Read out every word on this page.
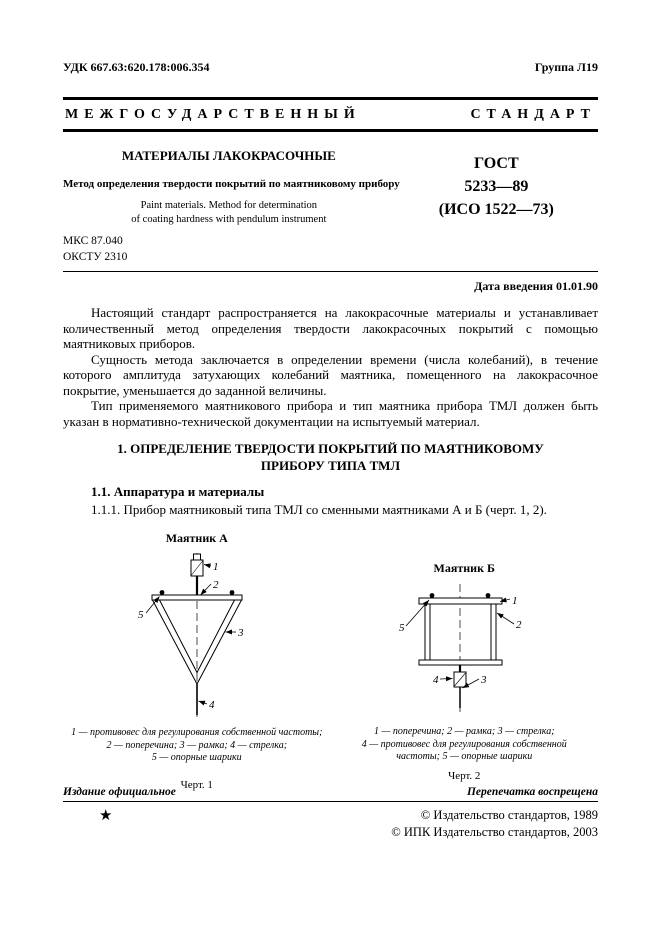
УДК 667.63:620.178:006.354	Группа Л19
МЕЖГОСУДАРСТВЕННЫЙ	СТАНДАРТ
МАТЕРИАЛЫ ЛАКОКРАСОЧНЫЕ
Метод определения твердости покрытий по маятниковому прибору
Paint materials. Method for determination
of coating hardness with pendulum instrument
ГОСТ
5233—89
(ИСО 1522—73)
МКС 87.040
ОКСТУ 2310
Дата введения 01.01.90

Настоящий стандарт распространяется на лакокрасочные материалы и устанавливает количественный метод определения твердости лакокрасочных покрытий с помощью маятниковых приборов.

Сущность метода заключается в определении времени (числа колебаний), в течение которого амплитуда затухающих колебаний маятника, помещенного на лакокрасочное покрытие, уменьшается до заданной величины.

Тип применяемого маятникового прибора и тип маятника прибора ТМЛ должен быть указан в нормативно-технической документации на испытуемый материал.

1. ОПРЕДЕЛЕНИЕ ТВЕРДОСТИ ПОКРЫТИЙ ПО МАЯТНИКОВОМУ ПРИБОРУ ТИПА ТМЛ
1.1. Аппаратура и материалы
1.1.1. Прибор маятниковый типа ТМЛ со сменными маятниками А и Б (черт. 1, 2).
Маятник А
1
2
5
3
4
1 — противовес для регулирования собственной частоты;
2 — поперечина; 3 — рамка; 4 — стрелка;
5 — опорные шарики
Черт. 1
Маятник Б
1
2
5
4	3
1 — поперечина; 2 — рамка; 3 — стрелка;
4 — противовес для регулирования собственной
частоты; 5 — опорные шарики
Черт. 2
Издание официальное	Перепечатка воспрещена
★	© Издательство стандартов, 1989
© ИПК Издательство стандартов, 2003
